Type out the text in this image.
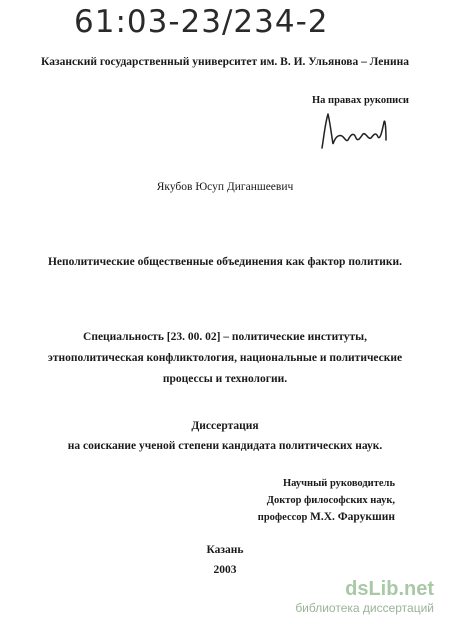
61:03-23/234-2
Казанский государственный университет им. В. И. Ульянова – Ленина
На правах рукописи
Якубов Юсуп Диганшеевич
Неполитические общественные объединения как фактор политики.
Специальность [23. 00. 02] – политические институты,
этнополитическая конфликтология, национальные и политические
процессы и технологии.
Диссертация
на соискание ученой степени кандидата политических наук.
Научный руководитель
Доктор философских наук,
профессор М.Х. Фарукшин
Казань
2003
dsLib.net
библиотека диссертаций
